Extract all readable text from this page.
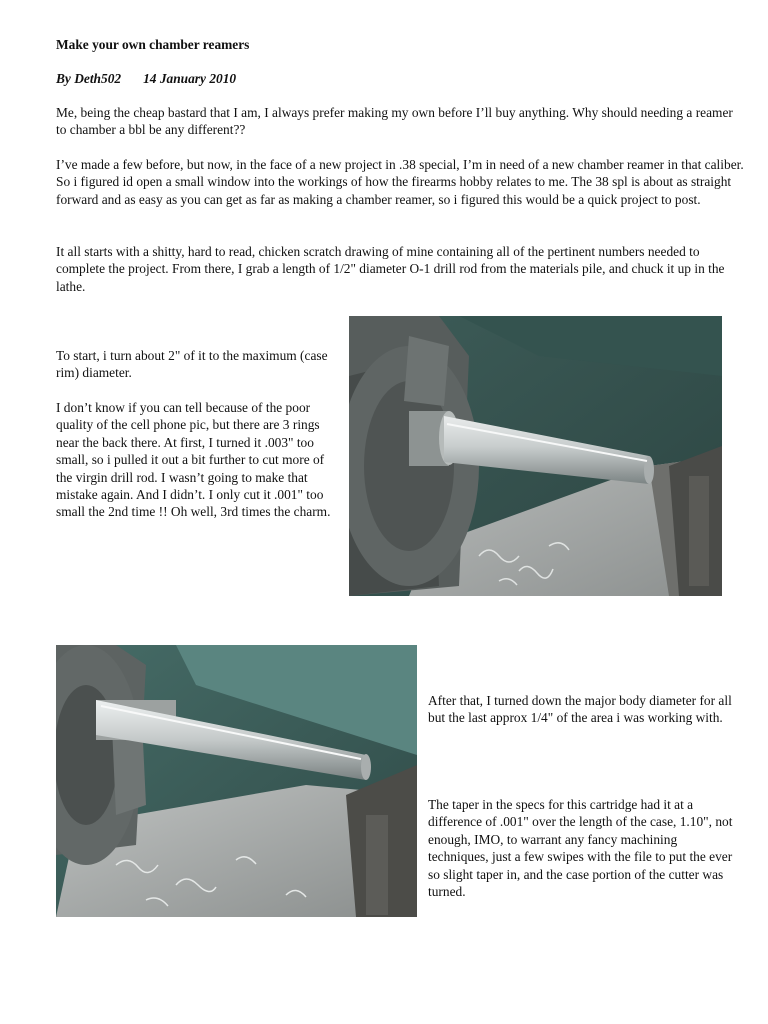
Make your own chamber reamers
By Deth502 14 January 2010

Me, being the cheap bastard that I am, I always prefer making my own before I’ll buy anything. Why should needing a reamer to chamber a bbl be any different??

I’ve made a few before, but now, in the face of a new project in .38 special, I’m in need of a new chamber reamer in that caliber. So i figured id open a small window into the workings of how the firearms hobby relates to me. The 38 spl is about as straight forward and as easy as you can get as far as making a chamber reamer, so i figured this would be a quick project to post.

It all starts with a shitty, hard to read, chicken scratch drawing of mine containing all of the pertinent numbers needed to complete the project. From there, I grab a length of 1/2" diameter O-1 drill rod from the materials pile, and chuck it up in the lathe.

To start, i turn about 2" of it to the maximum (case rim) diameter.

I don’t know if you can tell because of the poor quality of the cell phone pic, but there are 3 rings near the back there. At first, I turned it .003" too small, so i pulled it out a bit further to cut more of the virgin drill rod. I wasn’t going to make that mistake again. And I didn’t. I only cut it .001" too small the 2nd time !! Oh well, 3rd times the charm.

After that, I turned down the major body diameter for all but the last approx 1/4" of the area i was working with.

The taper in the specs for this cartridge had it at a difference of .001" over the length of the case, 1.10", not enough, IMO, to warrant any fancy machining techniques, just a few swipes with the file to put the ever so slight taper in, and the case portion of the cutter was turned.
